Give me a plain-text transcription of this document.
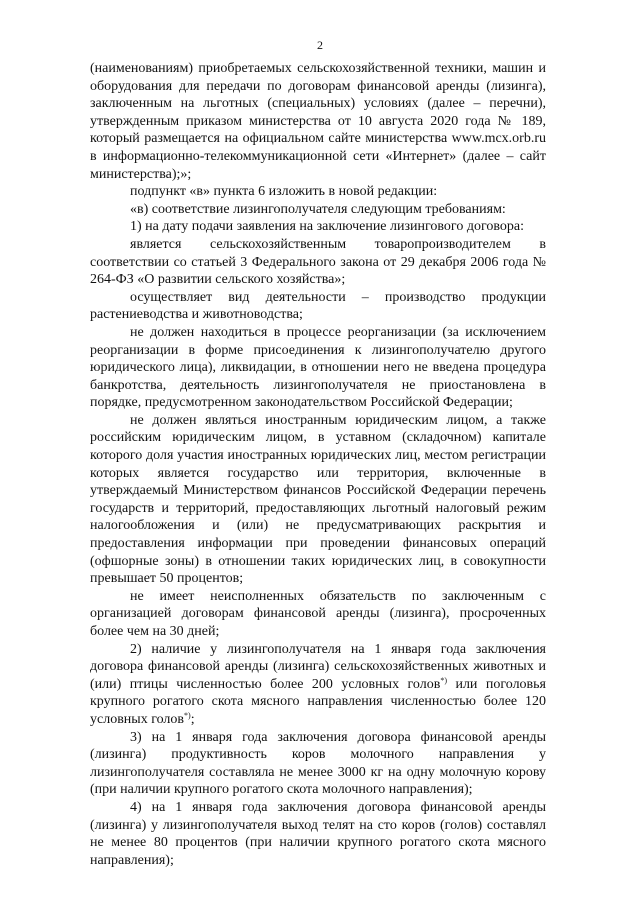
2

(наименованиям) приобретаемых сельскохозяйственной техники, машин и оборудования для передачи по договорам финансовой аренды (лизинга), заключенным на льготных (специальных) условиях (далее – перечни), утвержденным приказом министерства от 10 августа 2020 года № 189, который размещается на официальном сайте министерства www.mcx.orb.ru в информационно-телекоммуникационной сети «Интернет» (далее – сайт министерства);»;

подпункт «в» пункта 6 изложить в новой редакции:

«в) соответствие лизингополучателя следующим требованиям:

1) на дату подачи заявления на заключение лизингового договора:

является сельскохозяйственным товаропроизводителем в соответствии со статьей 3 Федерального закона от 29 декабря 2006 года № 264-ФЗ «О развитии сельского хозяйства»;

осуществляет вид деятельности – производство продукции растениеводства и животноводства;

не должен находиться в процессе реорганизации (за исключением реорганизации в форме присоединения к лизингополучателю другого юридического лица), ликвидации, в отношении него не введена процедура банкротства, деятельность лизингополучателя не приостановлена в порядке, предусмотренном законодательством Российской Федерации;

не должен являться иностранным юридическим лицом, а также российским юридическим лицом, в уставном (складочном) капитале которого доля участия иностранных юридических лиц, местом регистрации которых является государство или территория, включенные в утверждаемый Министерством финансов Российской Федерации перечень государств и территорий, предоставляющих льготный налоговый режим налогообложения и (или) не предусматривающих раскрытия и предоставления информации при проведении финансовых операций (офшорные зоны) в отношении таких юридических лиц, в совокупности превышает 50 процентов;

не имеет неисполненных обязательств по заключенным с организацией договорам финансовой аренды (лизинга), просроченных более чем на 30 дней;

2) наличие у лизингополучателя на 1 января года заключения договора финансовой аренды (лизинга) сельскохозяйственных животных и (или) птицы численностью более 200 условных голов*) или поголовья крупного рогатого скота мясного направления численностью более 120 условных голов*);

3) на 1 января года заключения договора финансовой аренды (лизинга) продуктивность коров молочного направления у лизингополучателя составляла не менее 3000 кг на одну молочную корову (при наличии крупного рогатого скота молочного направления);

4) на 1 января года заключения договора финансовой аренды (лизинга) у лизингополучателя выход телят на сто коров (голов) составлял не менее 80 процентов (при наличии крупного рогатого скота мясного направления);
